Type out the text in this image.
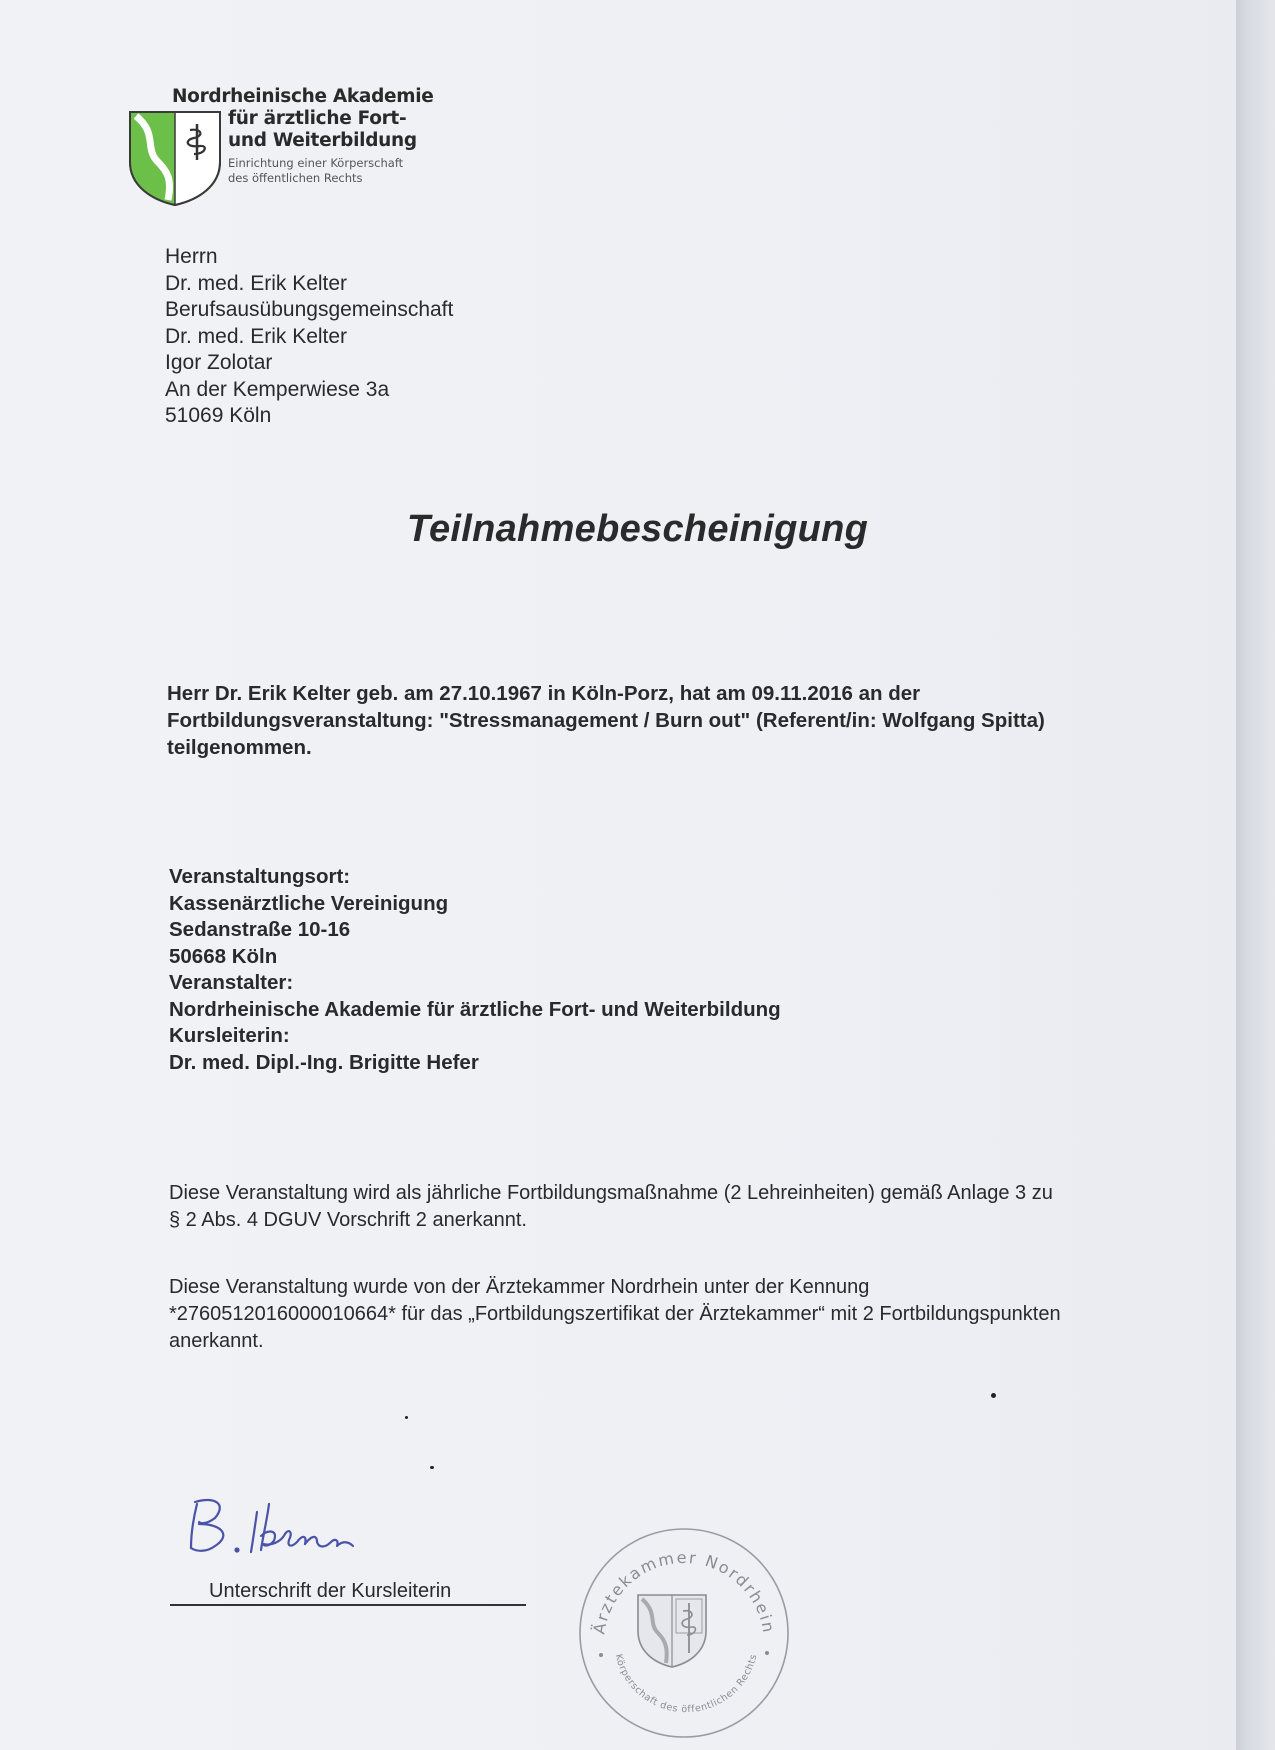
Nordrheinische Akademie
für ärztliche Fort-
und Weiterbildung
Einrichtung einer Körperschaft
des öffentlichen Rechts
Herrn
Dr. med. Erik Kelter
Berufsausübungsgemeinschaft
Dr. med. Erik Kelter
Igor Zolotar
An der Kemperwiese 3a
51069 Köln
Teilnahmebescheinigung
Herr Dr. Erik Kelter geb. am 27.10.1967 in Köln-Porz, hat am 09.11.2016 an der Fortbildungsveranstaltung: "Stressmanagement / Burn out" (Referent/in: Wolfgang Spitta) teilgenommen.
Veranstaltungsort:
Kassenärztliche Vereinigung
Sedanstraße 10-16
50668 Köln
Veranstalter:
Nordrheinische Akademie für ärztliche Fort- und Weiterbildung
Kursleiterin:
Dr. med. Dipl.-Ing. Brigitte Hefer
Diese Veranstaltung wird als jährliche Fortbildungsmaßnahme (2 Lehreinheiten) gemäß Anlage 3 zu § 2 Abs. 4 DGUV Vorschrift 2 anerkannt.
Diese Veranstaltung wurde von der Ärztekammer Nordrhein unter der Kennung *2760512016000010664* für das „Fortbildungszertifikat der Ärztekammer“ mit 2 Fortbildungspunkten anerkannt.
Unterschrift der Kursleiterin
Ärztekammer Nordrhein
Körperschaft des öffentlichen Rechts
